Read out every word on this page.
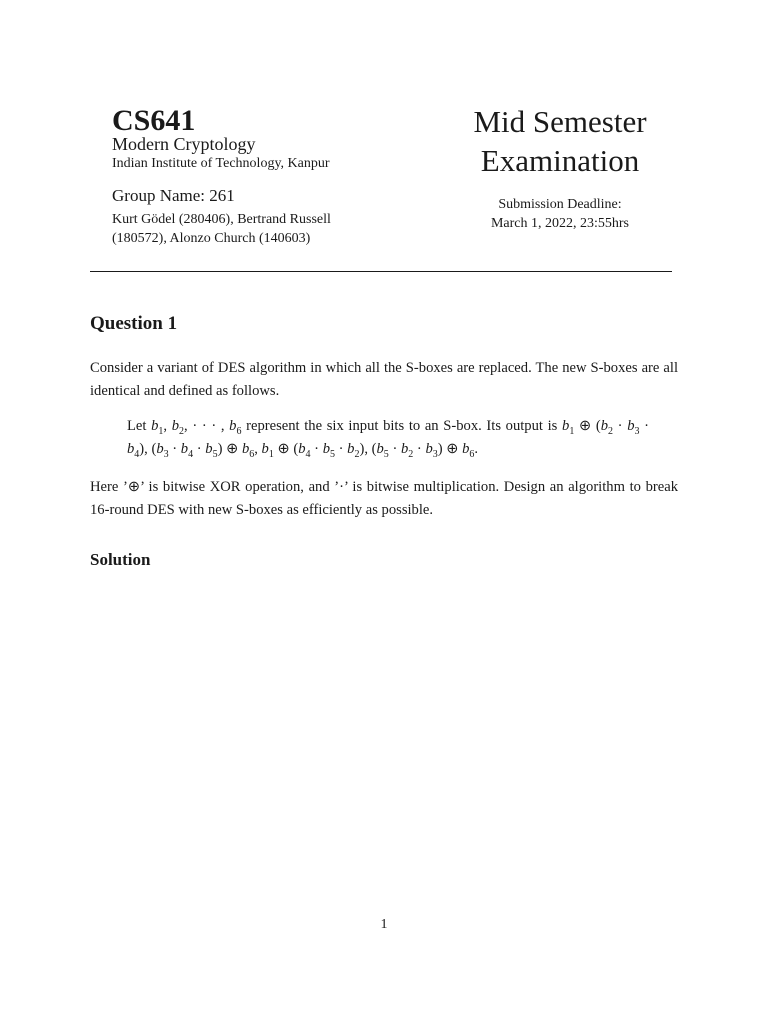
CS641
Modern Cryptology
Indian Institute of Technology, Kanpur
Group Name: 261
Kurt Gödel (280406), Bertrand Russell (180572), Alonzo Church (140603)
Mid Semester
Examination
Submission Deadline:
March 1, 2022, 23:55hrs
Question 1
Consider a variant of DES algorithm in which all the S-boxes are replaced. The new S-boxes are all identical and defined as follows.
Let $b_1$, $b_2$, · · · , $b_6$ represent the six input bits to an S-box. Its output is $b_1$ ⊕ $(b_2 \cdot b_3 \cdot b_4)$, $(b_3 \cdot b_4 \cdot b_5)$ ⊕ $b_6$, $b_1$ ⊕ $(b_4 \cdot b_5 \cdot b_2)$, $(b_5 \cdot b_2 \cdot b_3)$ ⊕ $b_6$.
Here ’⊕’ is bitwise XOR operation, and ’·’ is bitwise multiplication. Design an algorithm to break 16-round DES with new S-boxes as efficiently as possible.
Solution
1
